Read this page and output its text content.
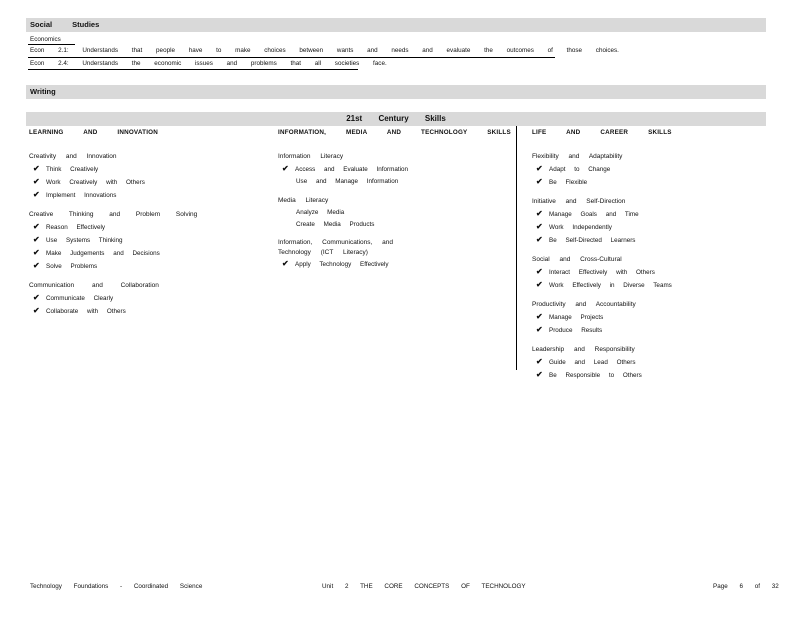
Social Studies
Economics
Econ 2.1: Understands that people have to make choices between wants and needs and evaluate the outcomes of those choices.
Econ 2.4: Understands the economic issues and problems that all societies face.
Writing
21st Century Skills
LEARNING AND INNOVATION
Creativity and Innovation
✔ Think Creatively
✔ Work Creatively with Others
✔ Implement Innovations
Creative Thinking and Problem Solving
✔ Reason Effectively
✔ Use Systems Thinking
✔ Make Judgements and Decisions
✔ Solve Problems
Communication and Collaboration
✔ Communicate Clearly
✔ Collaborate with Others
INFORMATION, MEDIA AND TECHNOLOGY SKILLS
Information Literacy
✔ Access and Evaluate Information
Use and Manage Information
Media Literacy
Analyze Media
Create Media Products
Information, Communications, and Technology (ICT Literacy)
✔ Apply Technology Effectively
LIFE AND CAREER SKILLS
Flexibility and Adaptability
✔ Adapt to Change
✔ Be Flexible
Initiative and Self-Direction
✔ Manage Goals and Time
✔ Work Independently
✔ Be Self-Directed Learners
Social and Cross-Cultural
✔ Interact Effectively with Others
✔ Work Effectively in Diverse Teams
Productivity and Accountability
✔ Manage Projects
✔ Produce Results
Leadership and Responsibility
✔ Guide and Lead Others
✔ Be Responsible to Others
Technology Foundations - Coordinated Science	Unit 2 THE CORE CONCEPTS OF TECHNOLOGY	Page 6 of 32
